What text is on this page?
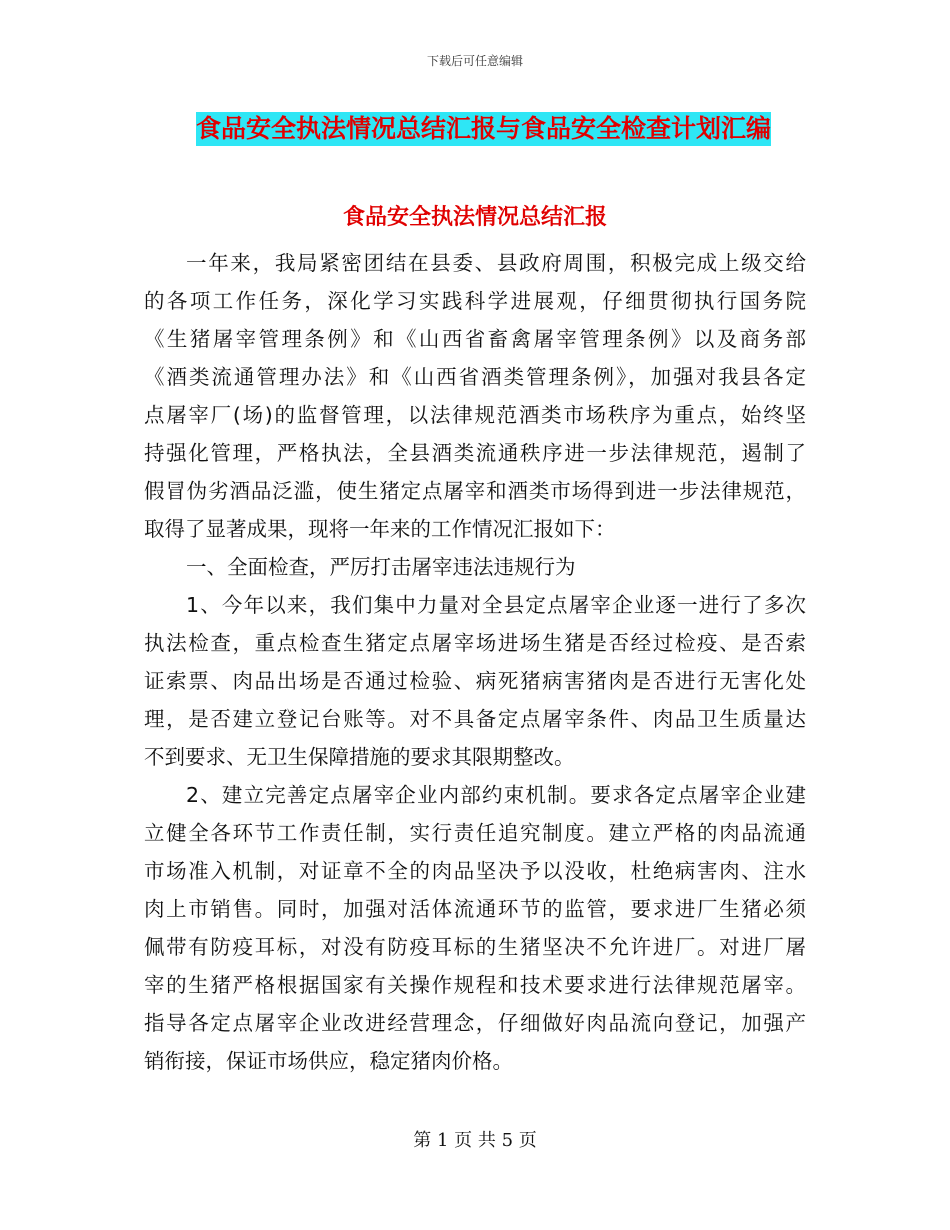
下载后可任意编辑
食品安全执法情况总结汇报与食品安全检查计划汇编
食品安全执法情况总结汇报
一年来，我局紧密团结在县委、县政府周围，积极完成上级交给
的各项工作任务，深化学习实践科学进展观，仔细贯彻执行国务院
《生猪屠宰管理条例》和《山西省畜禽屠宰管理条例》以及商务部
《酒类流通管理办法》和《山西省酒类管理条例》，加强对我县各定
点屠宰厂(场)的监督管理，以法律规范酒类市场秩序为重点，始终坚
持强化管理，严格执法，全县酒类流通秩序进一步法律规范，遏制了
假冒伪劣酒品泛滥，使生猪定点屠宰和酒类市场得到进一步法律规范，
取得了显著成果，现将一年来的工作情况汇报如下：
一、全面检查，严厉打击屠宰违法违规行为
1、今年以来，我们集中力量对全县定点屠宰企业逐一进行了多次
执法检查，重点检查生猪定点屠宰场进场生猪是否经过检疫、是否索
证索票、肉品出场是否通过检验、病死猪病害猪肉是否进行无害化处
理，是否建立登记台账等。对不具备定点屠宰条件、肉品卫生质量达
不到要求、无卫生保障措施的要求其限期整改。
2、建立完善定点屠宰企业内部约束机制。要求各定点屠宰企业建
立健全各环节工作责任制，实行责任追究制度。建立严格的肉品流通
市场准入机制，对证章不全的肉品坚决予以没收，杜绝病害肉、注水
肉上市销售。同时，加强对活体流通环节的监管，要求进厂生猪必须
佩带有防疫耳标，对没有防疫耳标的生猪坚决不允许进厂。对进厂屠
宰的生猪严格根据国家有关操作规程和技术要求进行法律规范屠宰。
指导各定点屠宰企业改进经营理念，仔细做好肉品流向登记，加强产
销衔接，保证市场供应，稳定猪肉价格。
第 1 页 共 5 页
